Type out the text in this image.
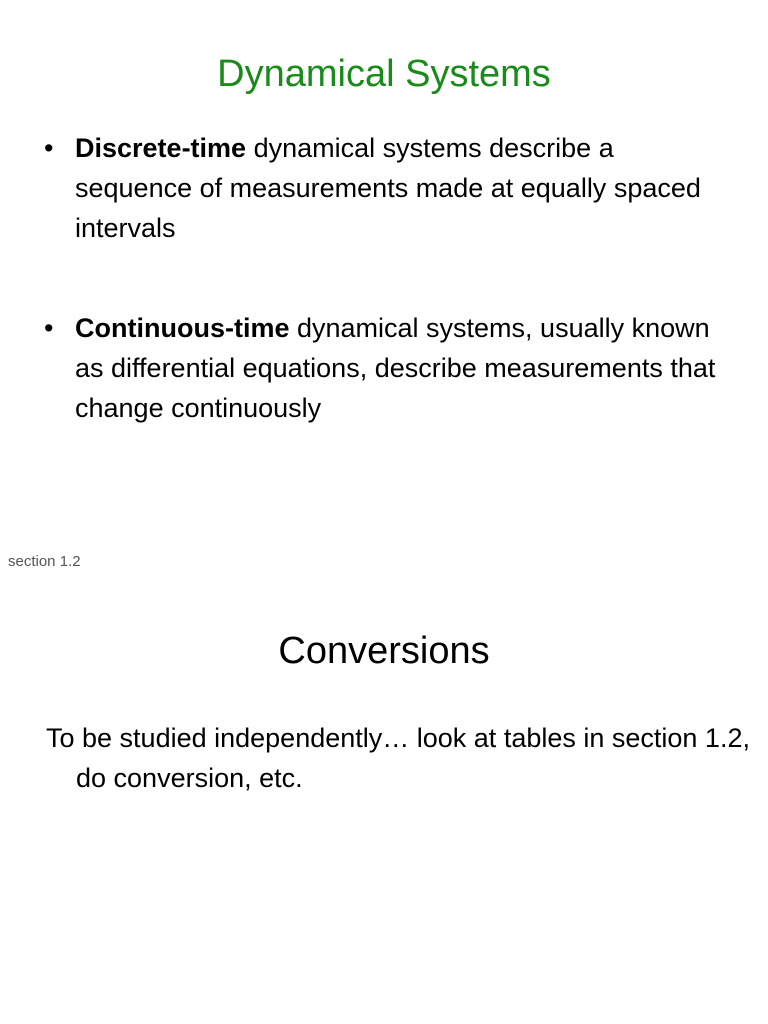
Dynamical Systems
• Discrete-time dynamical systems describe a sequence of measurements made at equally spaced intervals
• Continuous-time dynamical systems, usually known as differential equations, describe measurements that change continuously
section 1.2
Conversions

To be studied independently… look at tables in section 1.2, do conversion, etc.
